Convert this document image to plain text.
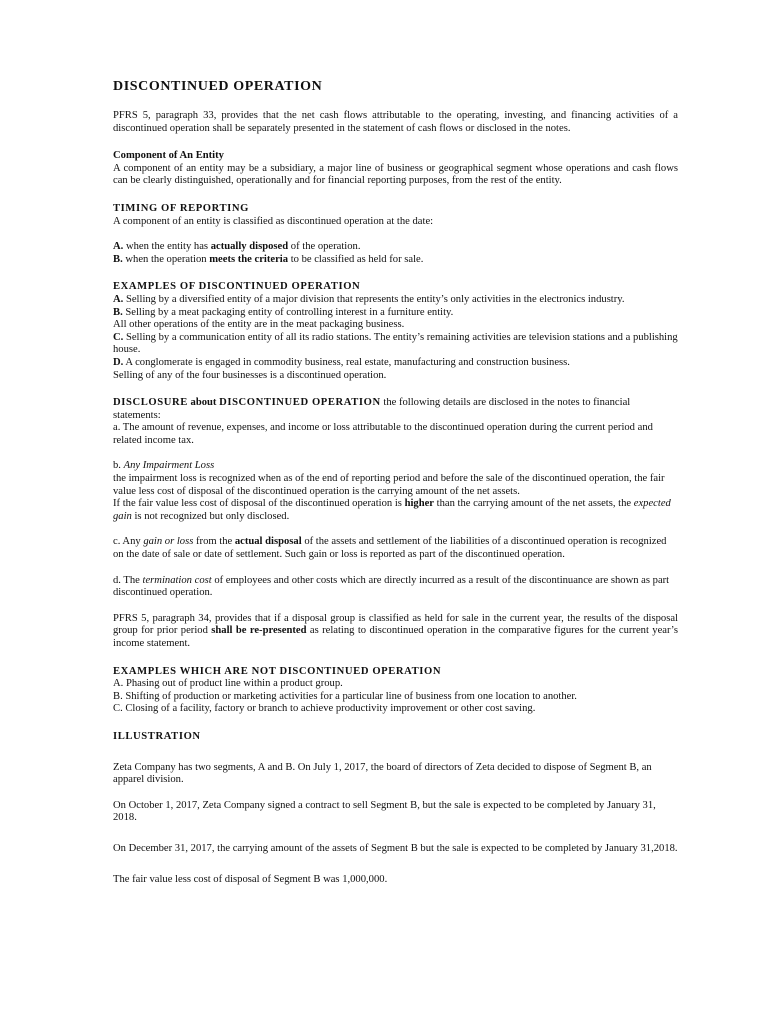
DISCONTINUED OPERATION

PFRS 5, paragraph 33, provides that the net cash flows attributable to the operating, investing, and financing activities of a discontinued operation shall be separately presented in the statement of cash flows or disclosed in the notes.

Component of An Entity

A component of an entity may be a subsidiary, a major line of business or geographical segment whose operations and cash flows can be clearly distinguished, operationally and for financial reporting purposes, from the rest of the entity.

TIMING OF REPORTING

A component of an entity is classified as discontinued operation at the date:

A. when the entity has actually disposed of the operation.

B. when the operation meets the criteria to be classified as held for sale.

EXAMPLES OF DISCONTINUED OPERATION

A. Selling by a diversified entity of a major division that represents the entity’s only activities in the electronics industry.

B. Selling by a meat packaging entity of controlling interest in a furniture entity.

All other operations of the entity are in the meat packaging business.

C. Selling by a communication entity of all its radio stations. The entity’s remaining activities are television stations and a publishing house.

D. A conglomerate is engaged in commodity business, real estate, manufacturing and construction business.

Selling of any of the four businesses is a discontinued operation.

DISCLOSURE about DISCONTINUED OPERATION the following details are disclosed in the notes to financial statements:

a. The amount of revenue, expenses, and income or loss attributable to the discontinued operation during the current period and related income tax.

b. Any Impairment Loss

the impairment loss is recognized when as of the end of reporting period and before the sale of the discontinued operation, the fair value less cost of disposal of the discontinued operation is the carrying amount of the net assets.

If the fair value less cost of disposal of the discontinued operation is higher than the carrying amount of the net assets, the expected gain is not recognized but only disclosed.

c. Any gain or loss from the actual disposal of the assets and settlement of the liabilities of a discontinued operation is recognized on the date of sale or date of settlement. Such gain or loss is reported as part of the discontinued operation.

d. The termination cost of employees and other costs which are directly incurred as a result of the discontinuance are shown as part discontinued operation.

PFRS 5, paragraph 34, provides that if a disposal group is classified as held for sale in the current year, the results of the disposal group for prior period shall be re-presented as relating to discontinued operation in the comparative figures for the current year’s income statement.

EXAMPLES WHICH ARE NOT DISCONTINUED OPERATION

A. Phasing out of product line within a product group.

B. Shifting of production or marketing activities for a particular line of business from one location to another.

C. Closing of a facility, factory or branch to achieve productivity improvement or other cost saving.

ILLUSTRATION

Zeta Company has two segments, A and B. On July 1, 2017, the board of directors of Zeta decided to dispose of Segment B, an apparel division.

On October 1, 2017, Zeta Company signed a contract to sell Segment B, but the sale is expected to be completed by January 31, 2018.

On December 31, 2017, the carrying amount of the assets of Segment B but the sale is expected to be completed by January 31,2018.

The fair value less cost of disposal of Segment B was 1,000,000.
